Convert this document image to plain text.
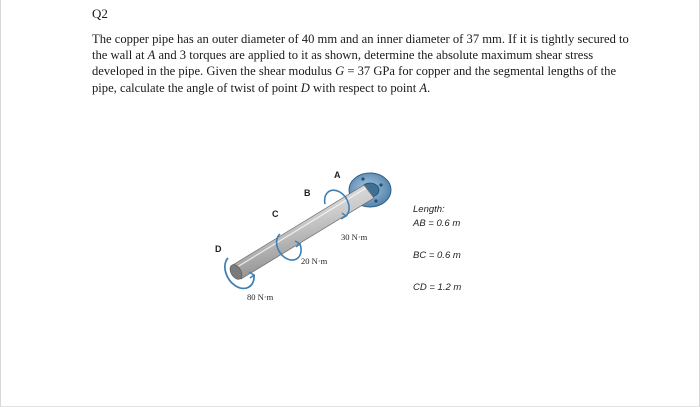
Q2

The copper pipe has an outer diameter of 40 mm and an inner diameter of 37 mm. If it is tightly secured to the wall at A and 3 torques are applied to it as shown, determine the absolute maximum shear stress developed in the pipe. Given the shear modulus G = 37 GPa for copper and the segmental lengths of the pipe, calculate the angle of twist of point D with respect to point A.

A
B
C
D
30 N·m
20 N·m
80 N·m
Length:
AB = 0.6 m
BC = 0.6 m
CD = 1.2 m
